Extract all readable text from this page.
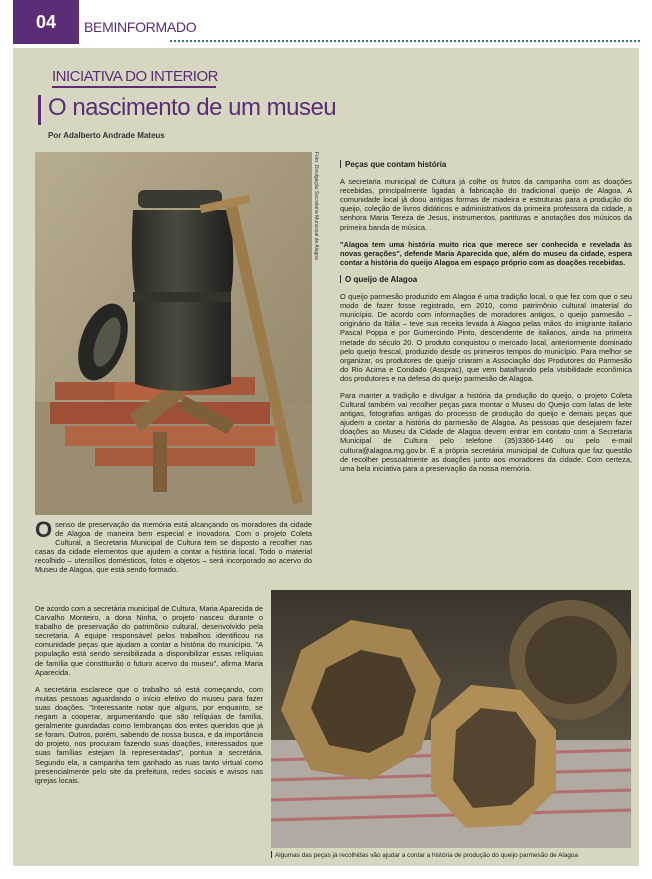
04	BEMINFORMADO
INICIATIVA DO INTERIOR
O nascimento de um museu
Por Adalberto Andrade Mateus
Foto: Divulgação Secretaria Municipal de Alagoa	Peças que contam história

A secretaria municipal de Cultura já colhe os frutos da campanha com as doações recebidas, principalmente ligadas à fabricação do tradicional queijo de Alagoa. A comunidade local já doou antigas formas de madeira e estruturas para a produção do queijo, coleção de livros didáticos e administrativos da primeira professora da cidade, a senhora Maria Tereza de Jesus, instrumentos, partituras e anotações dos músicos da primeira banda de música.

"Alagoa tem uma história muito rica que merece ser conhecida e revelada às novas gerações", defende Maria Aparecida que, além do museu da cidade, espera contar a história do queijo Alagoa em espaço próprio com as doações recebidas.

O queijo de Alagoa

O queijo parmesão produzido em Alagoa é uma tradição local, o que fez com que o seu modo de fazer fosse registrado, em 2010, como patrimônio cultural imaterial do município. De acordo com informações de moradores antigos, o queijo parmesão – originário da Itália – teve sua receita levada à Alagoa pelas mãos do imigrante italiano Pascal Poppa e por Gumercindo Pinto, descendente de italianos, ainda na primeira metade do século 20. O produto conquistou o mercado local, anteriormente dominado pelo queijo frescal, produzido desde os primeiros tempos do município. Para melhor se organizar, os produtores de queijo criaram a Associação dos Produtores do Parmesão do Rio Acima e Condado (Assprac), que vem batalhando pela visibilidade econômica dos produtores e na defesa do queijo parmesão de Alagoa.

Para manter a tradição e divulgar a história da produção do queijo, o projeto Coleta Cultural também vai recolher peças para montar o Museu do Queijo com latas de leite antigas, fotografias antigas do processo de produção do queijo e demais peças que ajudem a contar a história do parmesão de Alagoa. As pessoas que desejarem fazer doações ao Museu da Cidade de Alagoa devem entrar em contato com a Secretaria Municipal de Cultura pelo telefone (35)3366-1446 ou pelo e-mail cultura@alagoa.mg.gov.br. É a própria secretária municipal de Cultura que faz questão de recolher pessoalmente as doações junto aos moradores da cidade. Com certeza, uma bela iniciativa para a preservação da nossa memória.

O senso de preservação da memória está alcançando os moradores da cidade de Alagoa de maneira bem especial e inovadora. Com o projeto Coleta Cultural, a Secretaria Municipal de Cultura tem se disposto a recolher nas casas da cidade elementos que ajudem a contar a história local. Todo o material recolhido – utensílios domésticos, fotos e objetos – será incorporado ao acervo do Museu de Alagoa, que está sendo formado.

De acordo com a secretária municipal de Cultura, Maria Aparecida de Carvalho Monteiro, a dona Ninha, o projeto nasceu durante o trabalho de preservação do patrimônio cultural, desenvolvido pela secretaria. A equipe responsável pelos trabalhos identificou na comunidade peças que ajudam a contar a história do município. "A população está sendo sensibilizada a disponibilizar essas relíquias de família que constituirão o futuro acervo do museu", afirma Maria Aparecida.

A secretária esclarece que o trabalho só está começando, com muitas pessoas aguardando o início efetivo do museu para fazer suas doações. "Interessante notar que alguns, por enquanto, se negam a cooperar, argumentando que são relíquias de família, geralmente guardadas como lembranças dos entes queridos que já se foram. Outros, porém, sabendo de nossa busca, e da importância do projeto, nos procuram fazendo suas doações, interessados que suas famílias estejam lá representadas", pontua a secretária. Segundo ela, a campanha tem ganhado as ruas tanto virtual como presencialmente pelo site da prefeitura, redes sociais e avisos nas igrejas locais.

Algumas das peças já recolhidas vão ajudar a contar a história de produção do queijo parmesão de Alagoa
